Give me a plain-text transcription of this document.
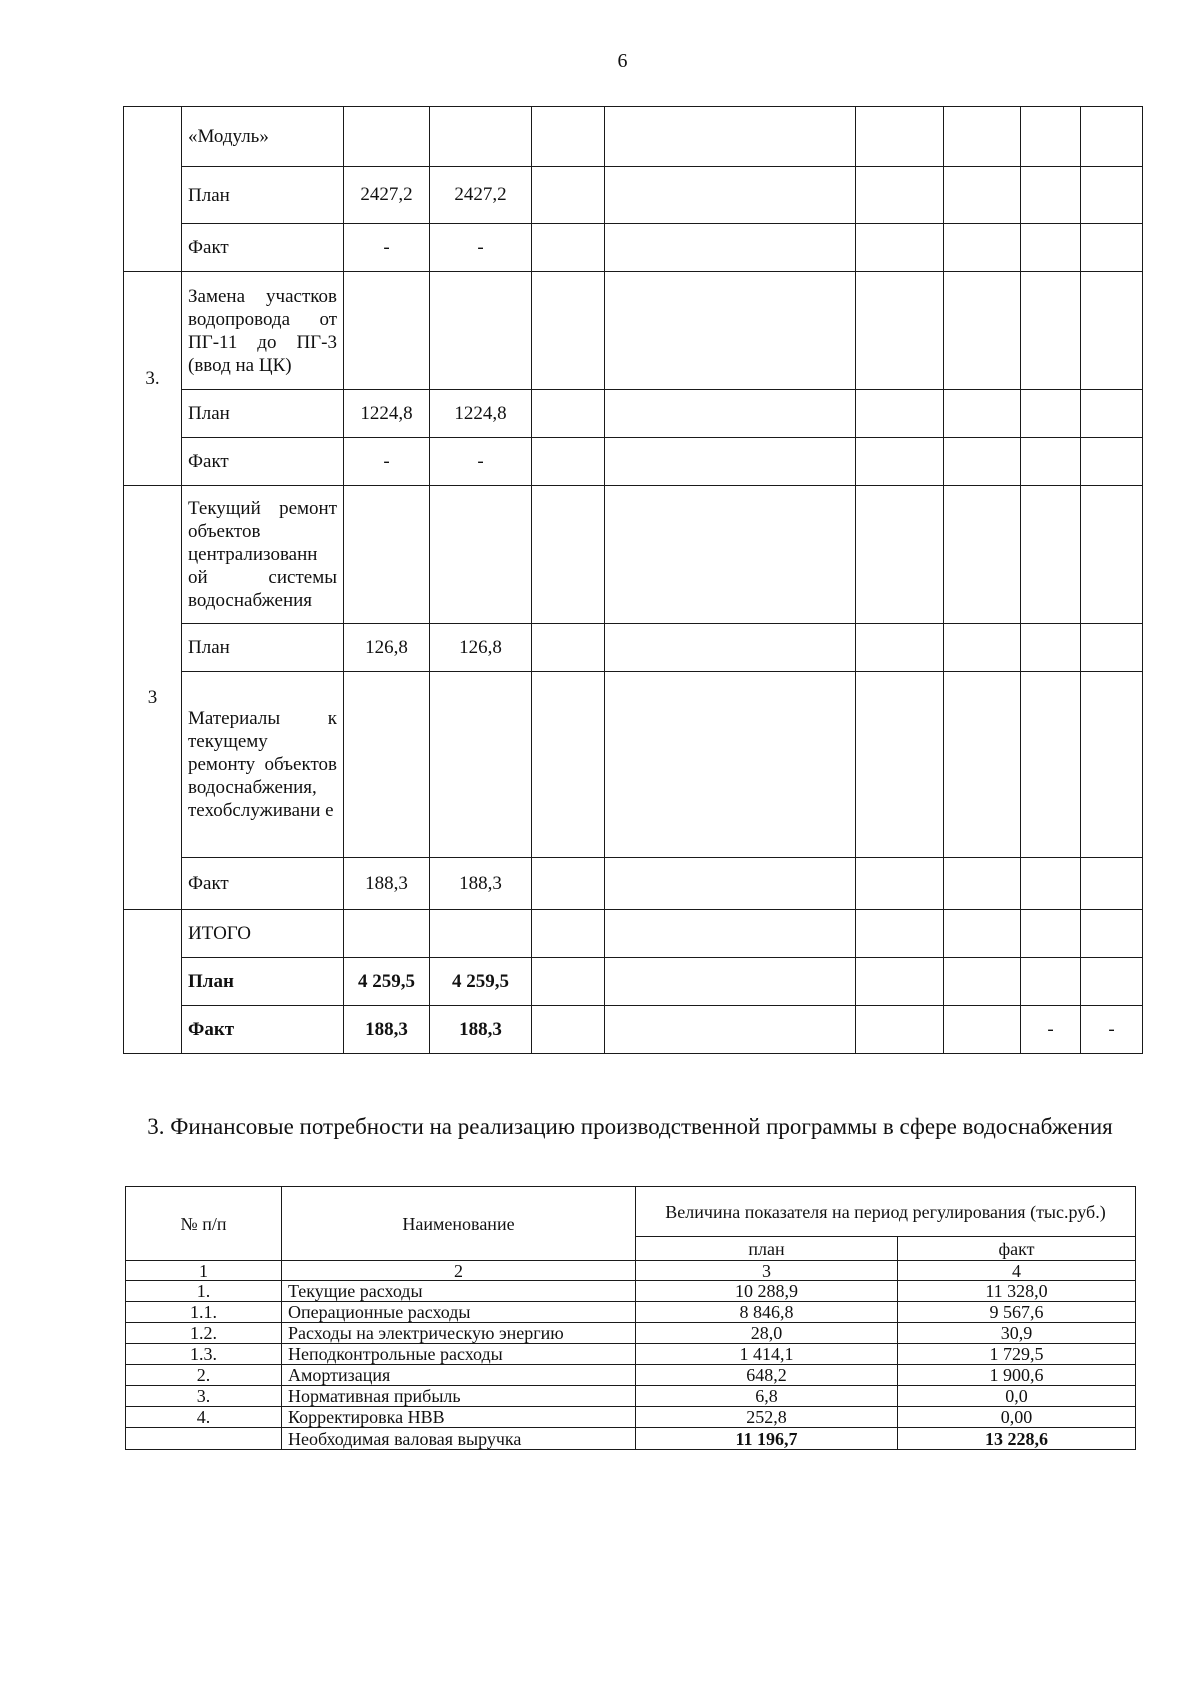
6
	«Модуль»								
	План	2427,2	2427,2						
	Факт	-	-						
3.	Замена участков водопровода от ПГ-11 до ПГ-3 (ввод на ЦК)								
	План	1224,8	1224,8						
	Факт	-	-						
3	Текущий ремонт объектов централизованн ой системы водоснабжения								
	План	126,8	126,8						
	Материалы к текущему ремонту объектов водоснабжения, техобслуживани е								
	Факт	188,3	188,3						
	ИТОГО								
	План	4 259,5	4 259,5						
	Факт	188,3	188,3					-	-
3. Финансовые потребности на реализацию производственной программы в сфере водоснабжения
№ п/п	Наименование	Величина показателя на период регулирования (тыс.руб.)	
		план	факт
1	2	3	4
1.	Текущие расходы	10 288,9	11 328,0
1.1.	Операционные расходы	8 846,8	9 567,6
1.2.	Расходы на электрическую энергию	28,0	30,9
1.3.	Неподконтрольные расходы	1 414,1	1 729,5
2.	Амортизация	648,2	1 900,6
3.	Нормативная прибыль	6,8	0,0
4.	Корректировка НВВ	252,8	0,00
	Необходимая валовая выручка	11 196,7	13 228,6
